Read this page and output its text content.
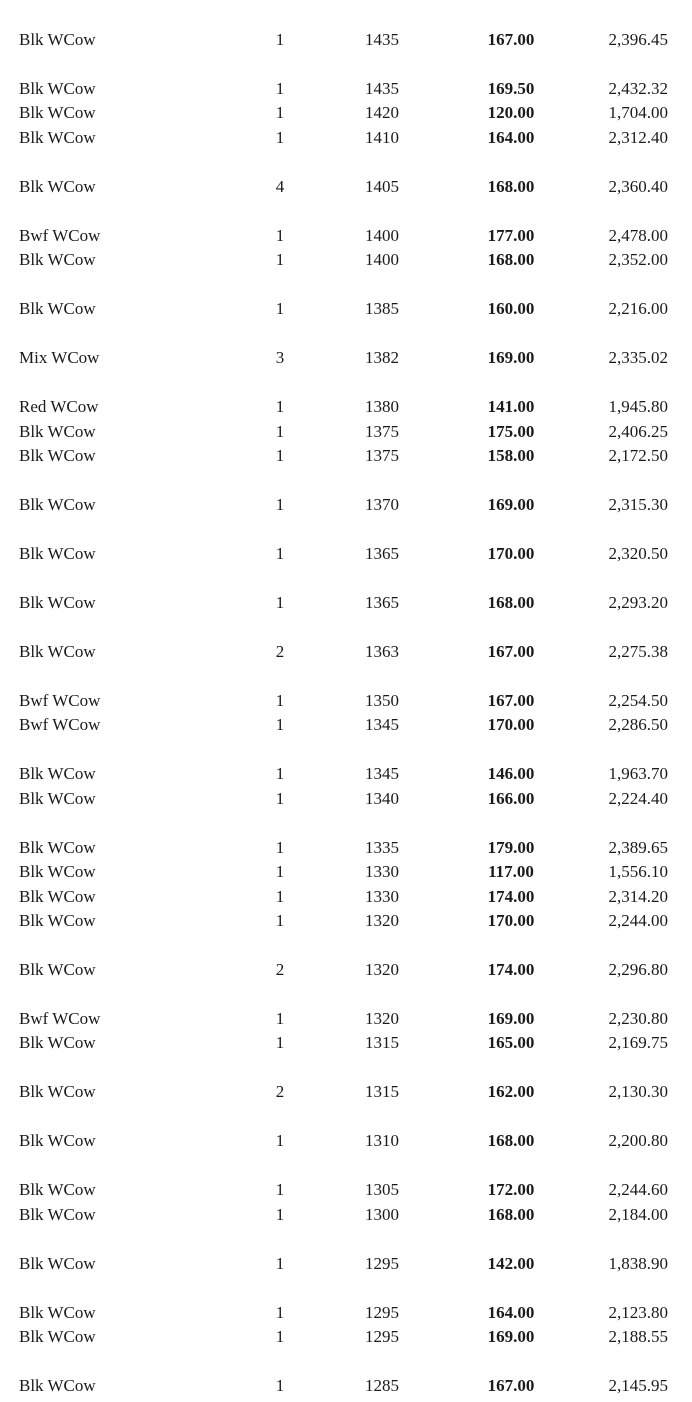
Blk WCow	1	1435	167.00	2,396.45
Blk WCow	1	1435	169.50	2,432.32
Blk WCow	1	1420	120.00	1,704.00
Blk WCow	1	1410	164.00	2,312.40
Blk WCow	4	1405	168.00	2,360.40
Bwf WCow	1	1400	177.00	2,478.00
Blk WCow	1	1400	168.00	2,352.00
Blk WCow	1	1385	160.00	2,216.00
Mix WCow	3	1382	169.00	2,335.02
Red WCow	1	1380	141.00	1,945.80
Blk WCow	1	1375	175.00	2,406.25
Blk WCow	1	1375	158.00	2,172.50
Blk WCow	1	1370	169.00	2,315.30
Blk WCow	1	1365	170.00	2,320.50
Blk WCow	1	1365	168.00	2,293.20
Blk WCow	2	1363	167.00	2,275.38
Bwf WCow	1	1350	167.00	2,254.50
Bwf WCow	1	1345	170.00	2,286.50
Blk WCow	1	1345	146.00	1,963.70
Blk WCow	1	1340	166.00	2,224.40
Blk WCow	1	1335	179.00	2,389.65
Blk WCow	1	1330	117.00	1,556.10
Blk WCow	1	1330	174.00	2,314.20
Blk WCow	1	1320	170.00	2,244.00
Blk WCow	2	1320	174.00	2,296.80
Bwf WCow	1	1320	169.00	2,230.80
Blk WCow	1	1315	165.00	2,169.75
Blk WCow	2	1315	162.00	2,130.30
Blk WCow	1	1310	168.00	2,200.80
Blk WCow	1	1305	172.00	2,244.60
Blk WCow	1	1300	168.00	2,184.00
Blk WCow	1	1295	142.00	1,838.90
Blk WCow	1	1295	164.00	2,123.80
Blk WCow	1	1295	169.00	2,188.55
Blk WCow	1	1285	167.00	2,145.95
